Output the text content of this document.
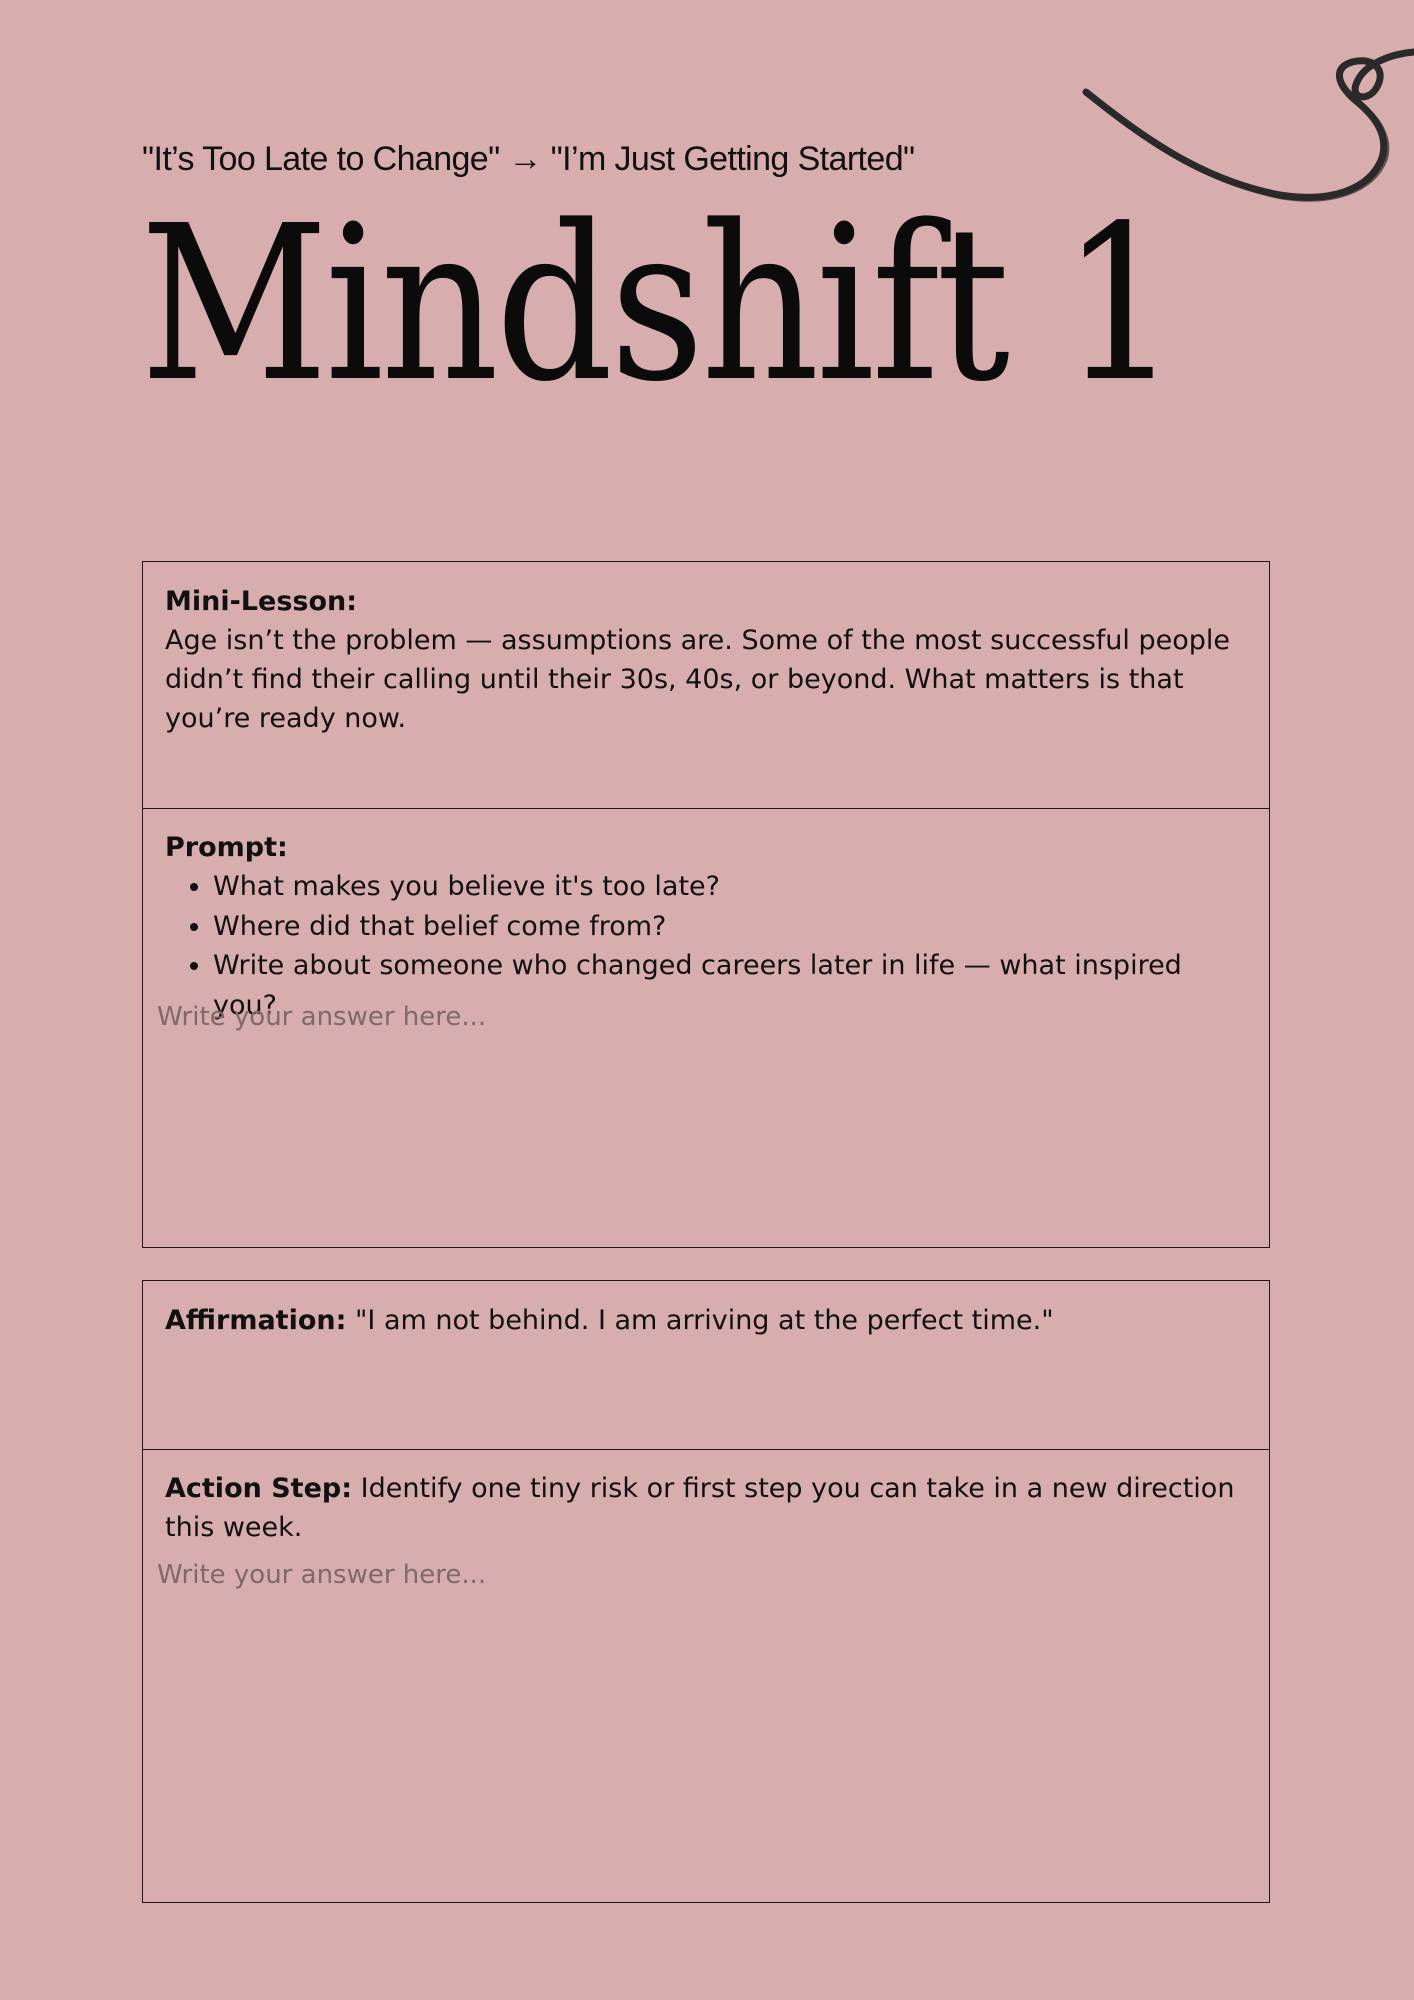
"It’s Too Late to Change" → "I’m Just Getting Started"
Mindshift 1
Mini-Lesson:
Age isn’t the problem — assumptions are. Some of the most successful people didn’t find their calling until their 30s, 40s, or beyond. What matters is that you’re ready now.
Prompt:
• What makes you believe it's too late?
• Where did that belief come from?
• Write about someone who changed careers later in life — what inspired you?
Write your answer here...
Affirmation: "I am not behind. I am arriving at the perfect time."
Action Step: Identify one tiny risk or first step you can take in a new direction this week.
Write your answer here...
